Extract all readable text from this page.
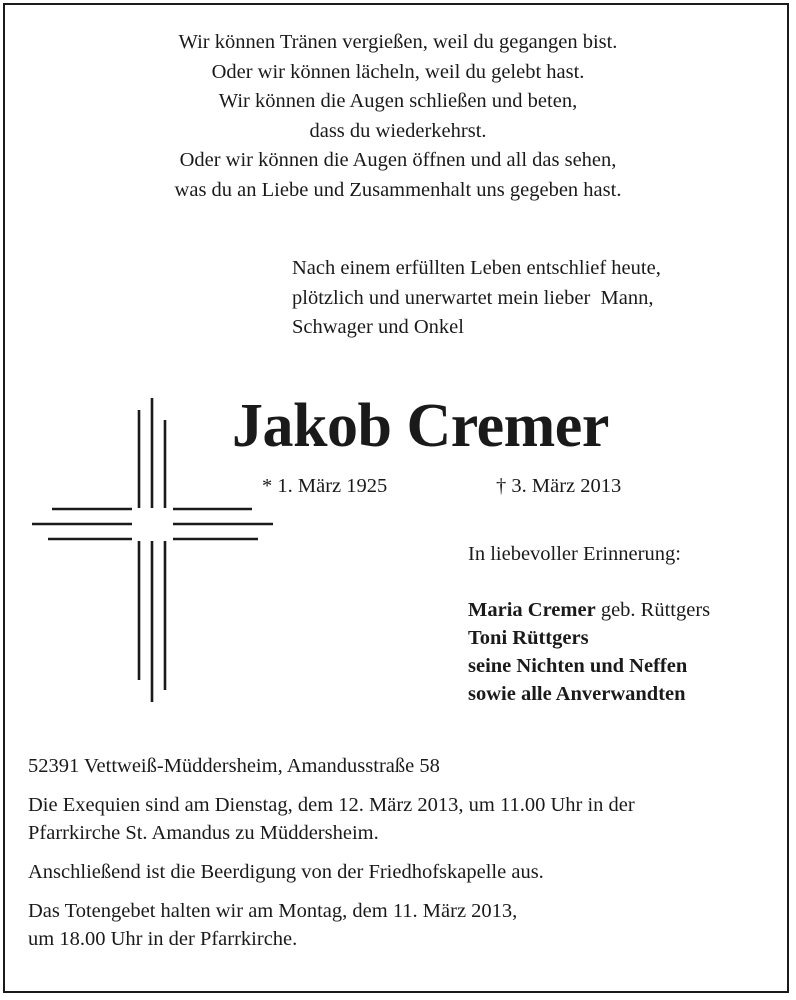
Wir können Tränen vergießen, weil du gegangen bist.
Oder wir können lächeln, weil du gelebt hast.
Wir können die Augen schließen und beten,
dass du wiederkehrst.
Oder wir können die Augen öffnen und all das sehen,
was du an Liebe und Zusammenhalt uns gegeben hast.
Nach einem erfüllten Leben entschlief heute,
plötzlich und unerwartet mein lieber  Mann,
Schwager und Onkel
Jakob Cremer
* 1. März 1925	† 3. März 2013
In liebevoller Erinnerung:
Maria Cremer geb. Rüttgers
Toni Rüttgers
seine Nichten und Neffen
sowie alle Anverwandten

52391 Vettweiß-Müddersheim, Amandusstraße 58

Die Exequien sind am Dienstag, dem 12. März 2013, um 11.00 Uhr in der
Pfarrkirche St. Amandus zu Müddersheim.

Anschließend ist die Beerdigung von der Friedhofskapelle aus.

Das Totengebet halten wir am Montag, dem 11. März 2013,
um 18.00 Uhr in der Pfarrkirche.
